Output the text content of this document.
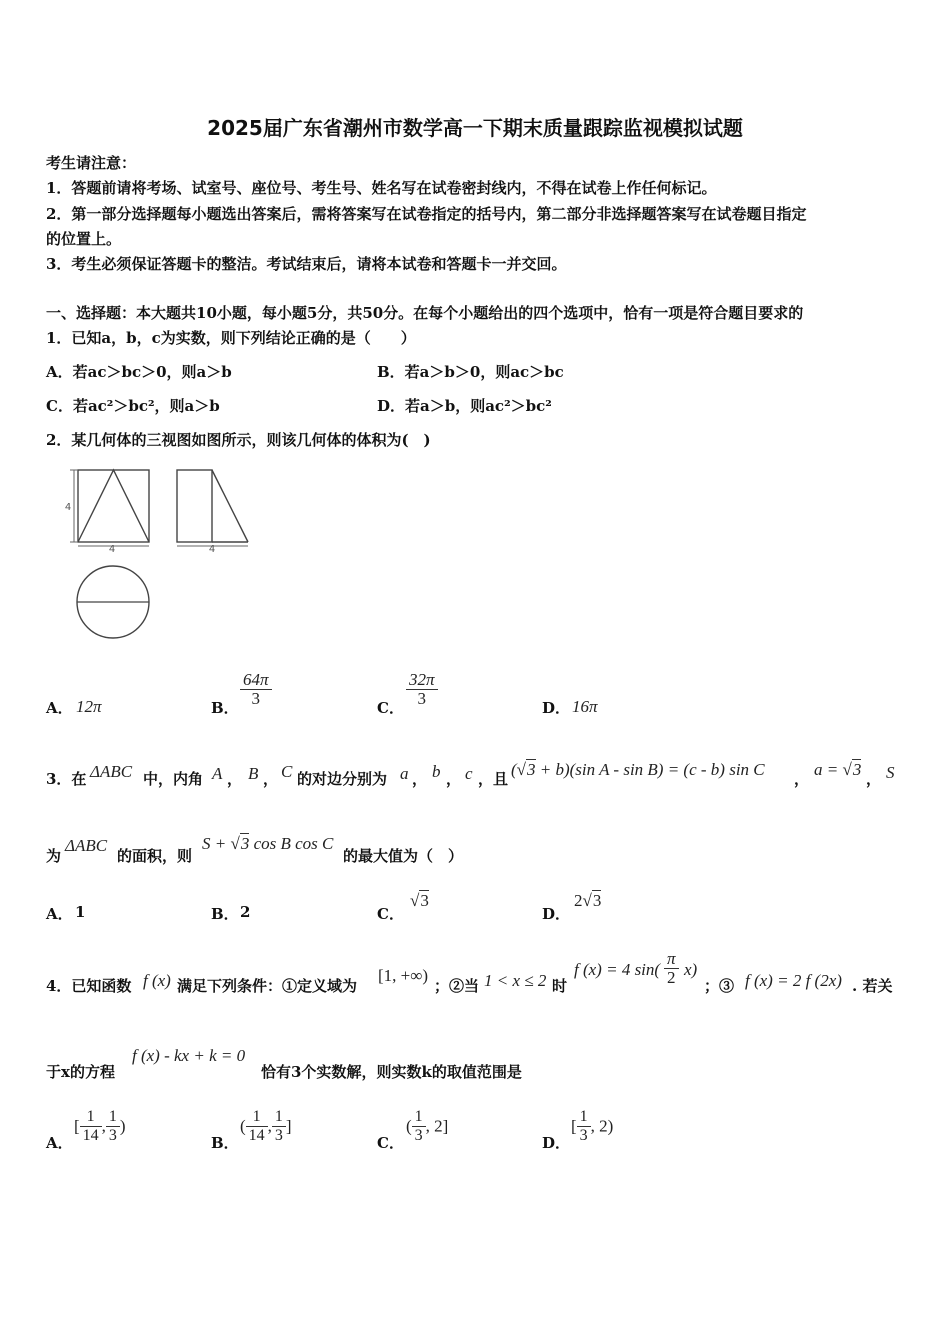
2025届广东省潮州市数学高一下期末质量跟踪监视模拟试题
考生请注意：
1．答题前请将考场、试室号、座位号、考生号、姓名写在试卷密封线内，不得在试卷上作任何标记。
2．第一部分选择题每小题选出答案后，需将答案写在试卷指定的括号内，第二部分非选择题答案写在试卷题目指定
的位置上。
3．考生必须保证答题卡的整洁。考试结束后，请将本试卷和答题卡一并交回。
一、选择题：本大题共10小题，每小题5分，共50分。在每个小题给出的四个选项中，恰有一项是符合题目要求的
1．已知a，b，c为实数，则下列结论正确的是（　　）
A．若ac＞bc＞0，则a＞b	B．若a＞b＞0，则ac＞bc
C．若ac²＞bc²，则a＞b	D．若a＞b，则ac²＞bc²
2．某几何体的三视图如图所示，则该几何体的体积为(　)
4
4	4
A． 12π	B． $\frac{64\pi}{3}$	C． $\frac{32\pi}{3}$	D． 16π
3．在 ΔABC 中，内角 A ， B ， C 的对边分别为 a ， b ， c ，且 (√3 + b)(sin A - sin B) = (c - b) sin C ， a = √3 ， S
为
ΔABC
的面积，则
S + √3 cos B cos C
的最大值为（　）
A． 1	B． 2	C．
√3
D．
2√3
4．已知函数 f (x) 满足下列条件：①定义域为
[1, +∞)
；②当 1 < x ≤ 2 时
f (x) = 4 $\sin( \frac{\pi}{2} x)$
；③ f (x) = 2 f (2x) . 若关
于x的方程
f (x) - kx + k = 0
恰有3个实数解，则实数k的取值范围是
A．
[ $\frac{1}{14}$ , $\frac{1}{3}$ )
B．
( $\frac{1}{14}$ , $\frac{1}{3}$ ]
C．
( $\frac{1}{3}$ , 2]
D．
[ $\frac{1}{3}$ , 2)
